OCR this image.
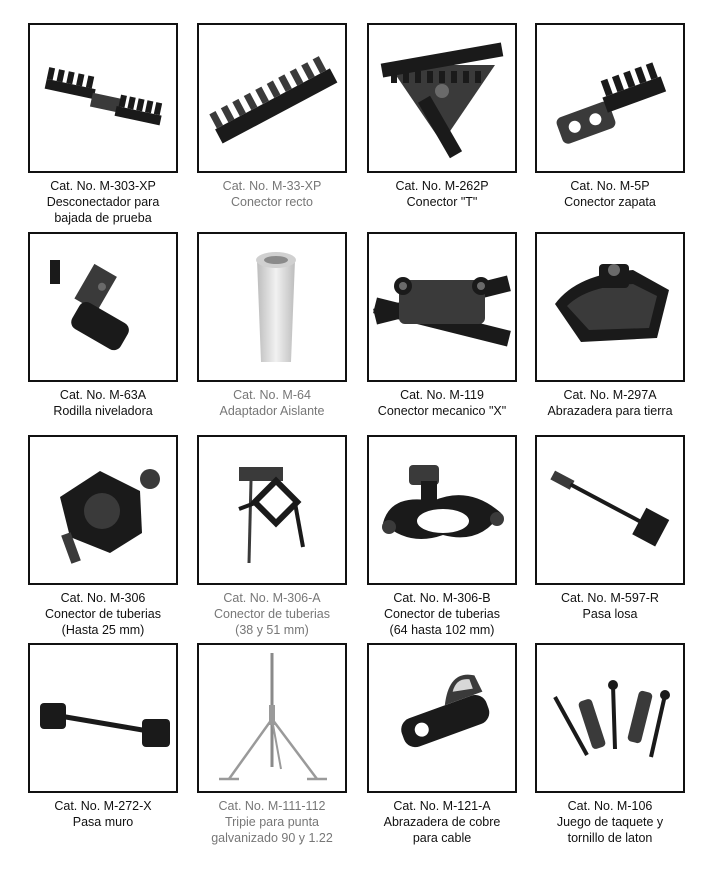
Cat. No. M-303-XP
Desconectador para
bajada de prueba
Cat. No. M-33-XP
Conector recto
Cat. No. M-262P
Conector "T"
Cat. No. M-5P
Conector zapata
Cat. No. M-63A
Rodilla niveladora
Cat. No. M-64
Adaptador Aislante
Cat. No. M-119
Conector mecanico "X"
Cat. No. M-297A
Abrazadera para tierra
Cat. No. M-306
Conector de tuberias
(Hasta 25 mm)
Cat. No. M-306-A
Conector de tuberias
(38 y 51 mm)
Cat. No. M-306-B
Conector de tuberias
(64 hasta 102 mm)
Cat. No. M-597-R
Pasa losa
Cat. No. M-272-X
Pasa muro
Cat. No. M-111-112
Tripie para punta
galvanizado 90 y 1.22
Cat. No. M-121-A
Abrazadera de cobre
para cable
Cat. No. M-106
Juego de taquete y
tornillo de laton
